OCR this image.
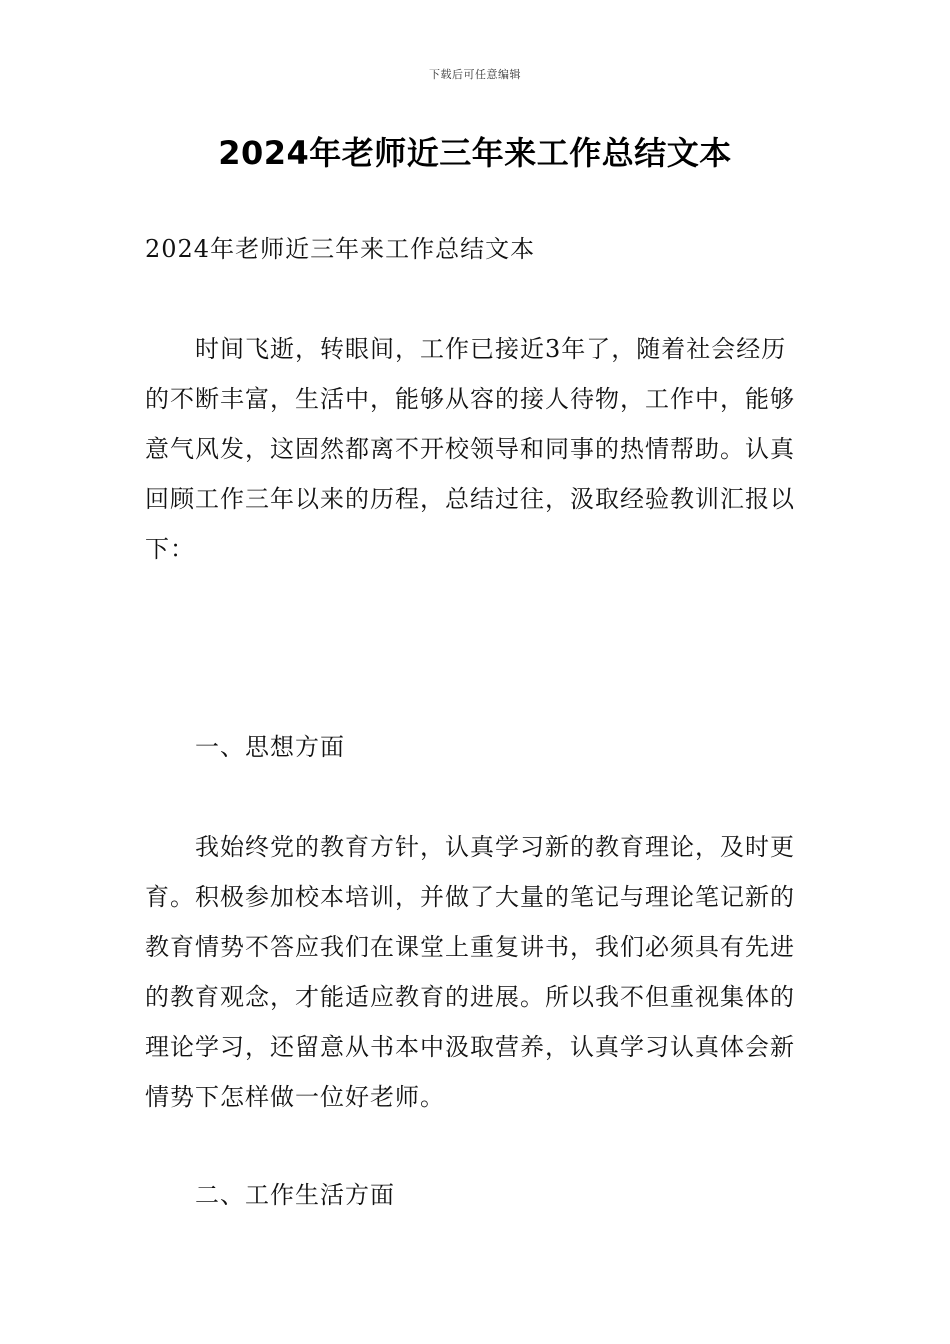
下载后可任意编辑
2024年老师近三年来工作总结文本

2024年老师近三年来工作总结文本

时间飞逝，转眼间，工作已接近3年了，随着社会经历的不断丰富，生活中，能够从容的接人待物，工作中，能够意气风发，这固然都离不开校领导和同事的热情帮助。认真回顾工作三年以来的历程，总结过往，汲取经验教训汇报以下：

一、思想方面

我始终党的教育方针，认真学习新的教育理论，及时更育。积极参加校本培训，并做了大量的笔记与理论笔记新的教育情势不答应我们在课堂上重复讲书，我们必须具有先进的教育观念，才能适应教育的进展。所以我不但重视集体的理论学习，还留意从书本中汲取营养，认真学习认真体会新情势下怎样做一位好老师。

二、工作生活方面
